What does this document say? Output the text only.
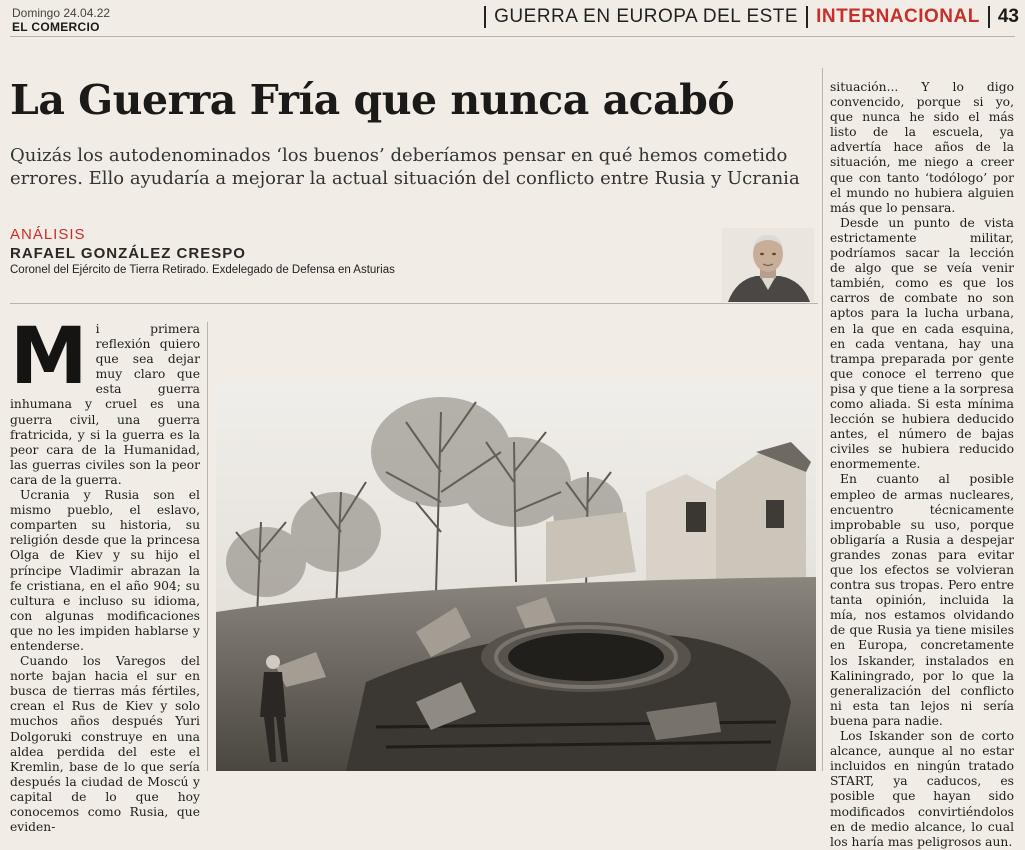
Domingo 24.04.22
EL COMERCIO	GUERRA EN EUROPA DEL ESTE INTERNACIONAL 43
La Guerra Fría que nunca acabó
Quizás los autodenominados ‘los buenos’ deberíamos pensar en qué hemos cometido errores. Ello ayudaría a mejorar la actual situación del conflicto entre Rusia y Ucrania
ANÁLISIS
RAFAEL GONZÁLEZ CRESPO
Coronel del Ejército de Tierra Retirado. Exdelegado de Defensa en Asturias
M i primera reflexión quiero que sea dejar muy claro que esta guerra inhumana y cruel es una guerra civil, una guerra fratricida, y si la guerra es la peor cara de la Humanidad, las guerras civiles son la peor cara de la guerra.

Ucrania y Rusia son el mismo pueblo, el eslavo, comparten su historia, su religión desde que la princesa Olga de Kiev y su hijo el príncipe Vladimir abrazan la fe cristiana, en el año 904; su cultura e incluso su idioma, con algunas modificaciones que no les impiden hablarse y entenderse.

Cuando los Varegos del norte bajan hacia el sur en busca de tierras más fértiles, crean el Rus de Kiev y solo muchos años después Yuri Dolgoruki construye en una aldea perdida del este el Kremlin, base de lo que sería después la ciudad de Moscú y capital de lo que hoy conocemos como Rusia, que eviden-

situación... Y lo digo convencido, porque si yo, que nunca he sido el más listo de la escuela, ya advertía hace años de la situación, me niego a creer que con tanto ‘todólogo’ por el mundo no hubiera alguien más que lo pensara.

Desde un punto de vista estrictamente militar, podríamos sacar la lección de algo que se veía venir también, como es que los carros de combate no son aptos para la lucha urbana, en la que en cada esquina, en cada ventana, hay una trampa preparada por gente que conoce el terreno que pisa y que tiene a la sorpresa como aliada. Si esta mínima lección se hubiera deducido antes, el número de bajas civiles se hubiera reducido enormemente.

En cuanto al posible empleo de armas nucleares, encuentro técnicamente improbable su uso, porque obligaría a Rusia a despejar grandes zonas para evitar que los efectos se volvieran contra sus tropas. Pero entre tanta opinión, incluida la mía, nos estamos olvidando de que Rusia ya tiene misiles en Europa, concretamente los Iskander, instalados en Kaliningrado, por lo que la generalización del conflicto ni esta tan lejos ni sería buena para nadie.

Los Iskander son de corto alcance, aunque al no estar incluidos en ningún tratado START, ya caducos, es posible que hayan sido modificados convirtiéndolos en de medio alcance, lo cual los haría mas peligrosos aun.
